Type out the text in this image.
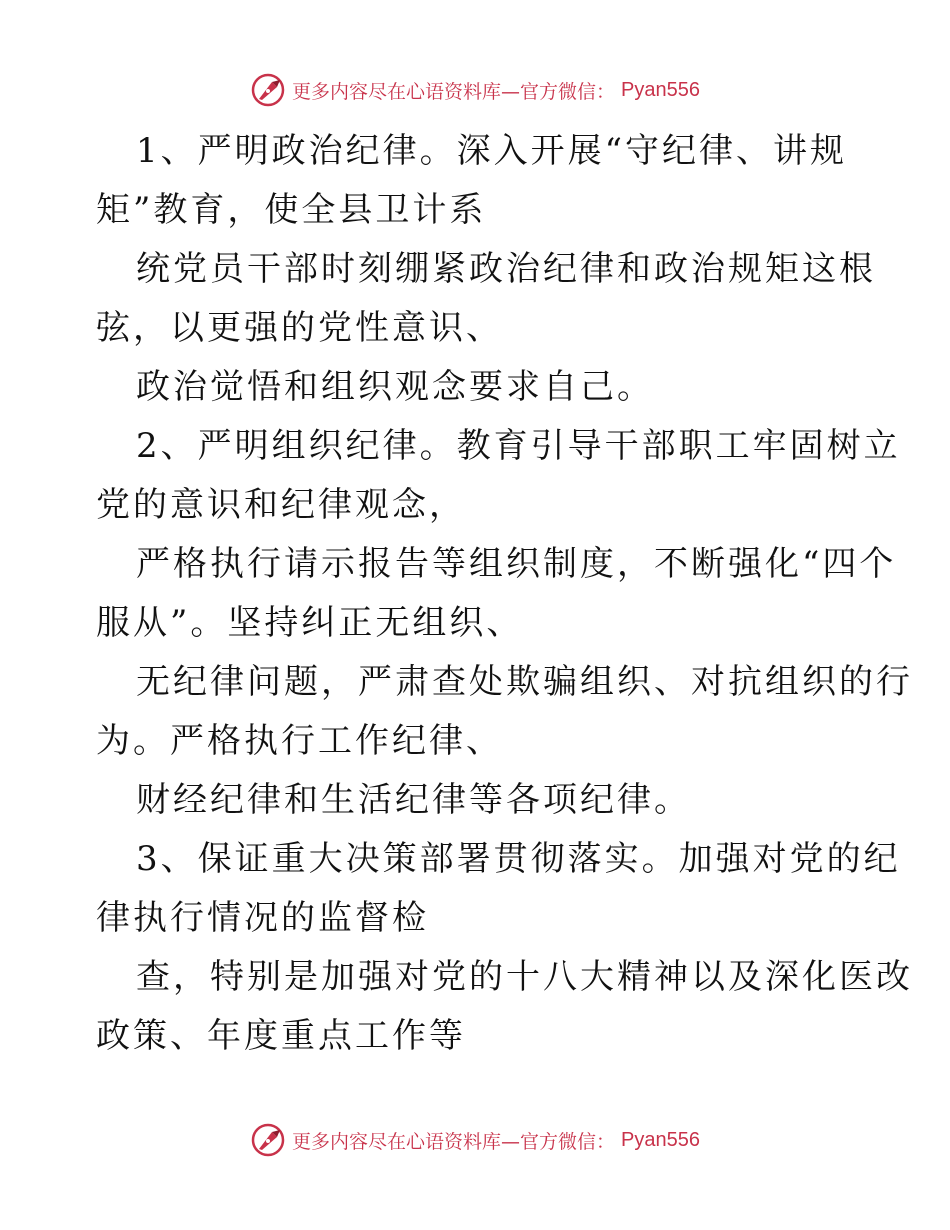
更多内容尽在心语资料库—官方微信： Pyan556
1、严明政治纪律。深入开展“守纪律、讲规
矩”教育，使全县卫计系
统党员干部时刻绷紧政治纪律和政治规矩这根
弦，以更强的党性意识、
政治觉悟和组织观念要求自己。
2、严明组织纪律。教育引导干部职工牢固树立
党的意识和纪律观念，
严格执行请示报告等组织制度，不断强化“四个
服从”。坚持纠正无组织、
无纪律问题，严肃查处欺骗组织、对抗组织的行
为。严格执行工作纪律、
财经纪律和生活纪律等各项纪律。
3、保证重大决策部署贯彻落实。加强对党的纪
律执行情况的监督检
查，特别是加强对党的十八大精神以及深化医改
政策、年度重点工作等
更多内容尽在心语资料库—官方微信： Pyan556
